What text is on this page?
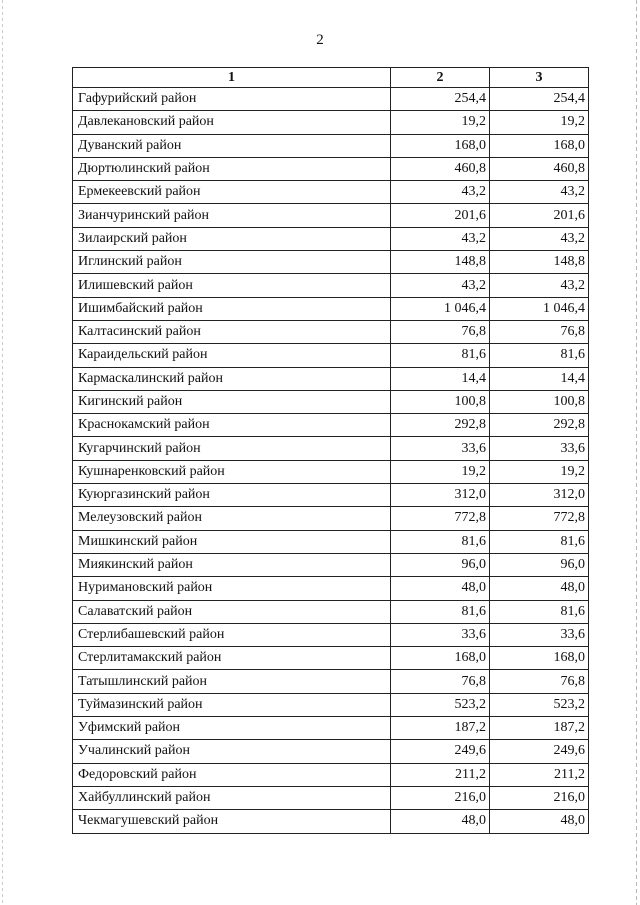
2
1	2	3
Гафурийский район	254,4	254,4
Давлекановский район	19,2	19,2
Дуванский район	168,0	168,0
Дюртюлинский район	460,8	460,8
Ермекеевский район	43,2	43,2
Зианчуринский район	201,6	201,6
Зилаирский район	43,2	43,2
Иглинский район	148,8	148,8
Илишевский район	43,2	43,2
Ишимбайский район	1 046,4	1 046,4
Калтасинский район	76,8	76,8
Караидельский район	81,6	81,6
Кармаскалинский район	14,4	14,4
Кигинский район	100,8	100,8
Краснокамский район	292,8	292,8
Кугарчинский район	33,6	33,6
Кушнаренковский район	19,2	19,2
Куюргазинский район	312,0	312,0
Мелеузовский район	772,8	772,8
Мишкинский район	81,6	81,6
Миякинский район	96,0	96,0
Нуримановский район	48,0	48,0
Салаватский район	81,6	81,6
Стерлибашевский район	33,6	33,6
Стерлитамакский район	168,0	168,0
Татышлинский район	76,8	76,8
Туймазинский район	523,2	523,2
Уфимский район	187,2	187,2
Учалинский район	249,6	249,6
Федоровский район	211,2	211,2
Хайбуллинский район	216,0	216,0
Чекмагушевский район	48,0	48,0
